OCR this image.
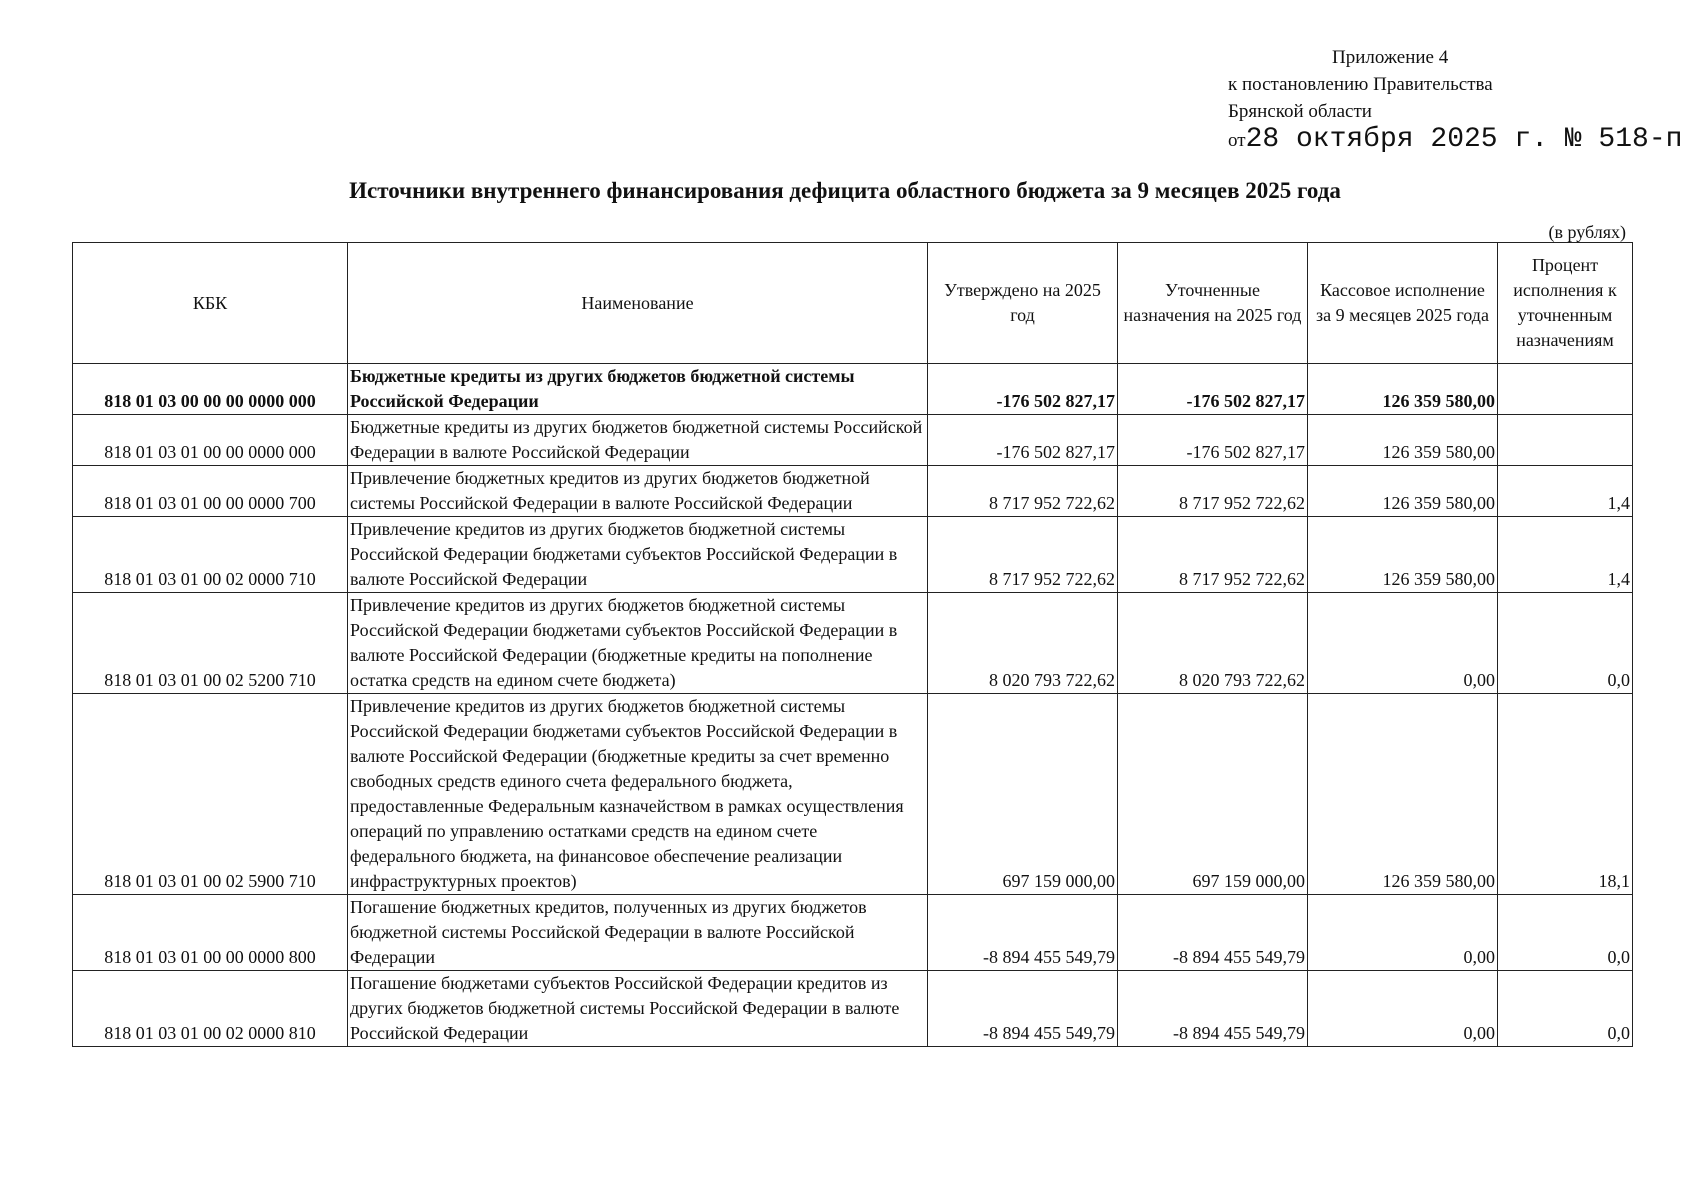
Приложение 4
к постановлению Правительства
Брянской области
от28 октября 2025 г. № 518-п
Источники внутреннего финансирования дефицита областного бюджета за 9 месяцев 2025 года
(в рублях)
КБК	Наименование	Утверждено на 2025 год	Уточненные назначения на 2025 год	Кассовое исполнение за 9 месяцев 2025 года	Процент исполнения к уточненным назначениям
818 01 03 00 00 00 0000 000	Бюджетные кредиты из других бюджетов бюджетной системы Российской Федерации	-176 502 827,17	-176 502 827,17	126 359 580,00	
818 01 03 01 00 00 0000 000	Бюджетные кредиты из других бюджетов бюджетной системы Российской Федерации в валюте Российской Федерации	-176 502 827,17	-176 502 827,17	126 359 580,00	
818 01 03 01 00 00 0000 700	Привлечение бюджетных кредитов из других бюджетов бюджетной системы Российской Федерации в валюте Российской Федерации	8 717 952 722,62	8 717 952 722,62	126 359 580,00	1,4
818 01 03 01 00 02 0000 710	Привлечение кредитов из других бюджетов бюджетной системы Российской Федерации бюджетами субъектов Российской Федерации в валюте Российской Федерации	8 717 952 722,62	8 717 952 722,62	126 359 580,00	1,4
818 01 03 01 00 02 5200 710	Привлечение кредитов из других бюджетов бюджетной системы Российской Федерации бюджетами субъектов Российской Федерации в валюте Российской Федерации (бюджетные кредиты на пополнение остатка средств на едином счете бюджета)	8 020 793 722,62	8 020 793 722,62	0,00	0,0
818 01 03 01 00 02 5900 710	Привлечение кредитов из других бюджетов бюджетной системы Российской Федерации бюджетами субъектов Российской Федерации в валюте Российской Федерации (бюджетные кредиты за счет временно свободных средств единого счета федерального бюджета, предоставленные Федеральным казначейством в рамках осуществления операций по управлению остатками средств на едином счете федерального бюджета, на финансовое обеспечение реализации инфраструктурных проектов)	697 159 000,00	697 159 000,00	126 359 580,00	18,1
818 01 03 01 00 00 0000 800	Погашение бюджетных кредитов, полученных из других бюджетов бюджетной системы Российской Федерации в валюте Российской Федерации	-8 894 455 549,79	-8 894 455 549,79	0,00	0,0
818 01 03 01 00 02 0000 810	Погашение бюджетами субъектов Российской Федерации кредитов из других бюджетов бюджетной системы Российской Федерации в валюте Российской Федерации	-8 894 455 549,79	-8 894 455 549,79	0,00	0,0
